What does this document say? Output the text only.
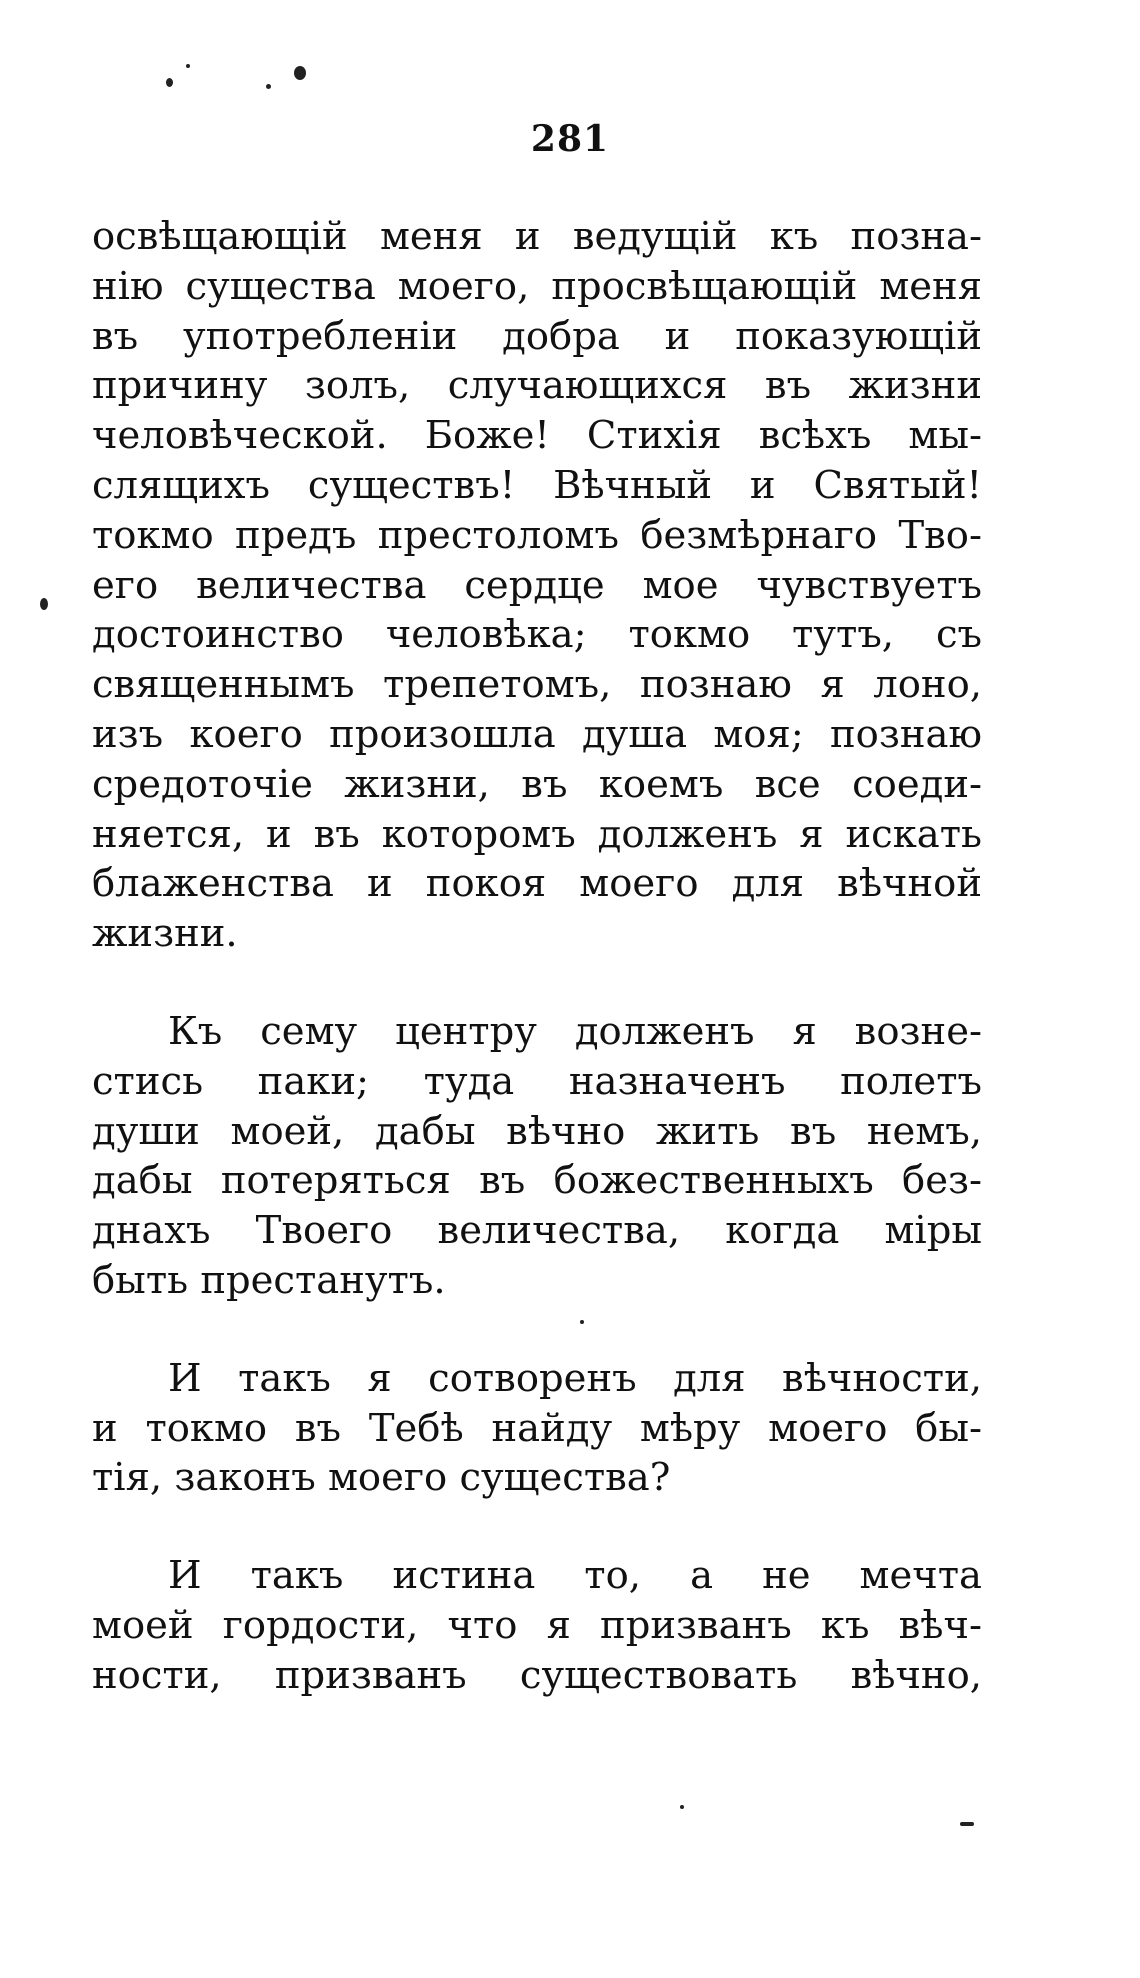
281
освѣщающій меня и ведущій къ позна-
нію существа моего, просвѣщающій меня
въ употребленіи добра и показующій
причину золъ, случающихся въ жизни
человѣческой. Боже! Стихія всѣхъ мы-
слящихъ существъ! Вѣчный и Святый!
токмо предъ престоломъ безмѣрнаго Тво-
его величества сердце мое чувствуетъ
достоинство человѣка; токмо тутъ, съ
священнымъ трепетомъ, познаю я лоно,
изъ коего произошла душа моя; познаю
средоточіе жизни, въ коемъ все соеди-
няется, и въ которомъ долженъ я искать
блаженства и покоя моего для вѣчной
жизни.
Къ сему центру долженъ я возне-
стись паки; туда назначенъ полетъ
души моей, дабы вѣчно жить въ немъ,
дабы потеряться въ божественныхъ без-
днахъ Твоего величества, когда міры
быть престанутъ.
И такъ я сотворенъ для вѣчности,
и токмо въ Тебѣ найду мѣру моего бы-
тія, законъ моего существа?
И такъ истина то, а не мечта
моей гордости, что я призванъ къ вѣч-
ности, призванъ существовать вѣчно,
